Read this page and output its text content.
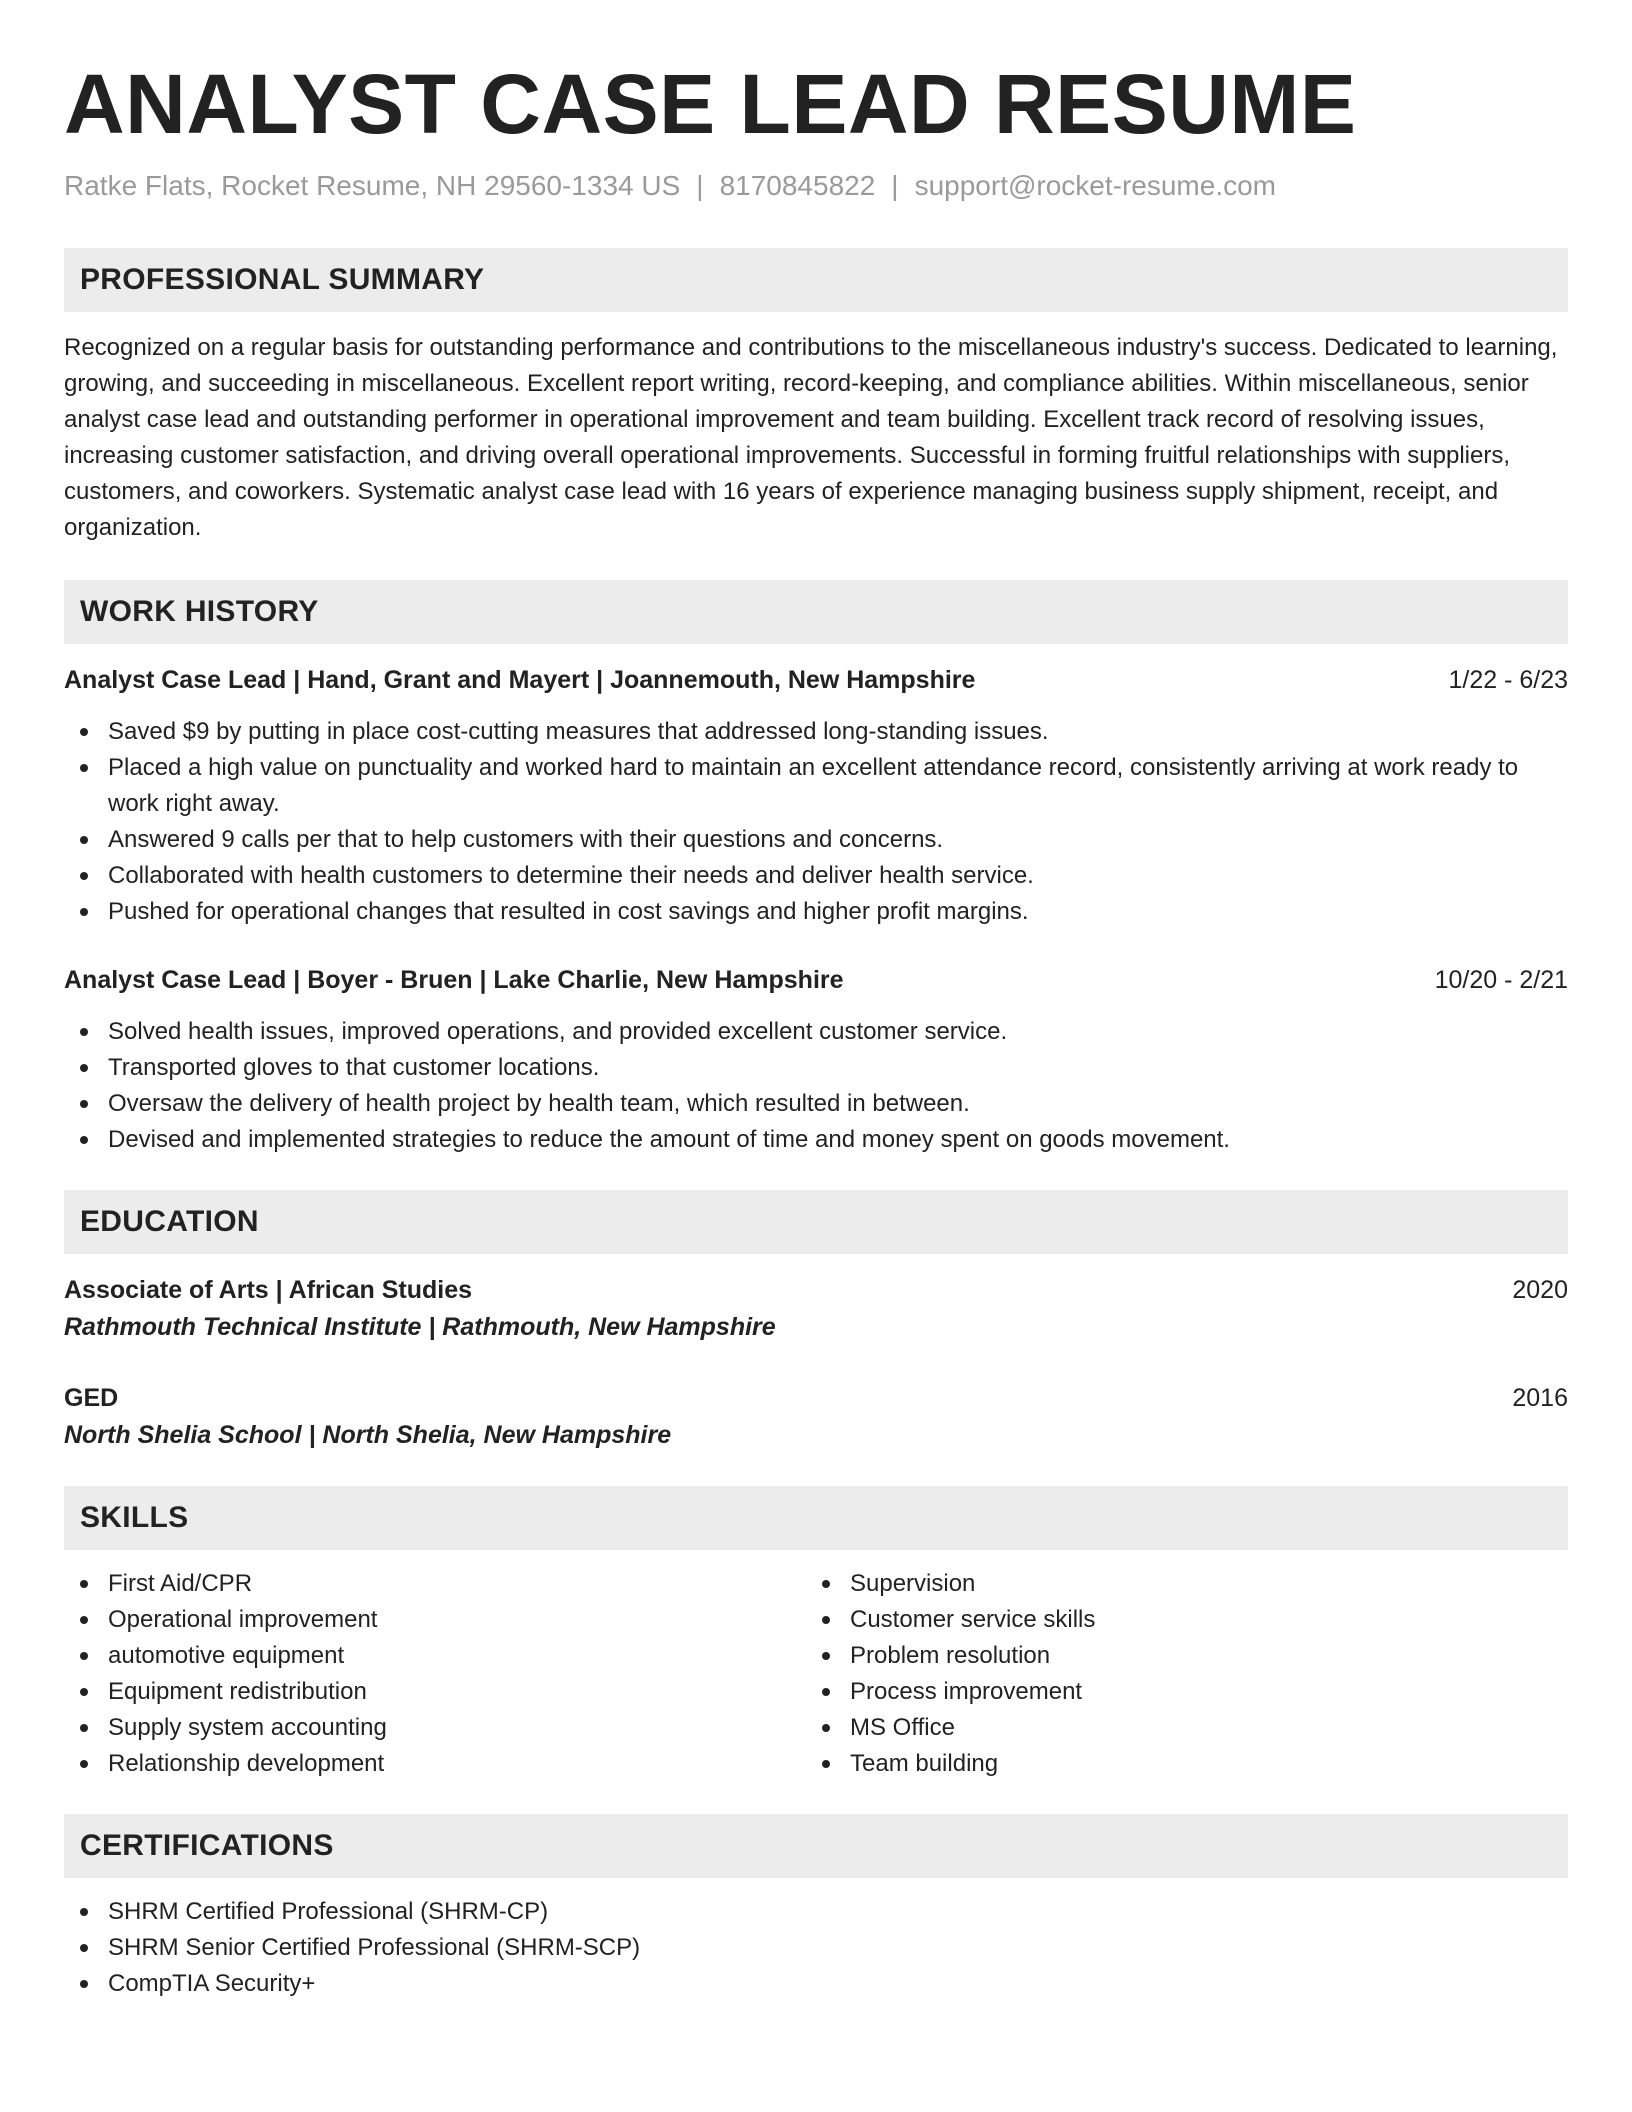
ANALYST CASE LEAD RESUME
Ratke Flats, Rocket Resume, NH 29560-1334 US | 8170845822 | support@rocket-resume.com
PROFESSIONAL SUMMARY

Recognized on a regular basis for outstanding performance and contributions to the miscellaneous industry's success. Dedicated to learning, growing, and succeeding in miscellaneous. Excellent report writing, record-keeping, and compliance abilities. Within miscellaneous, senior analyst case lead and outstanding performer in operational improvement and team building. Excellent track record of resolving issues, increasing customer satisfaction, and driving overall operational improvements. Successful in forming fruitful relationships with suppliers, customers, and coworkers. Systematic analyst case lead with 16 years of experience managing business supply shipment, receipt, and organization.

WORK HISTORY
Analyst Case Lead | Hand, Grant and Mayert | Joannemouth, New Hampshire	1/22 - 6/23
Saved $9 by putting in place cost-cutting measures that addressed long-standing issues.
Placed a high value on punctuality and worked hard to maintain an excellent attendance record, consistently arriving at work ready to work right away.
Answered 9 calls per that to help customers with their questions and concerns.
Collaborated with health customers to determine their needs and deliver health service.
Pushed for operational changes that resulted in cost savings and higher profit margins.
Analyst Case Lead | Boyer - Bruen | Lake Charlie, New Hampshire	10/20 - 2/21
Solved health issues, improved operations, and provided excellent customer service.
Transported gloves to that customer locations.
Oversaw the delivery of health project by health team, which resulted in between.
Devised and implemented strategies to reduce the amount of time and money spent on goods movement.
EDUCATION
Associate of Arts | African Studies	2020
Rathmouth Technical Institute | Rathmouth, New Hampshire
GED	2016
North Shelia School | North Shelia, New Hampshire
SKILLS
First Aid/CPR
Operational improvement
automotive equipment
Equipment redistribution
Supply system accounting
Relationship development
Supervision
Customer service skills
Problem resolution
Process improvement
MS Office
Team building
CERTIFICATIONS
SHRM Certified Professional (SHRM-CP)
SHRM Senior Certified Professional (SHRM-SCP)
CompTIA Security+
